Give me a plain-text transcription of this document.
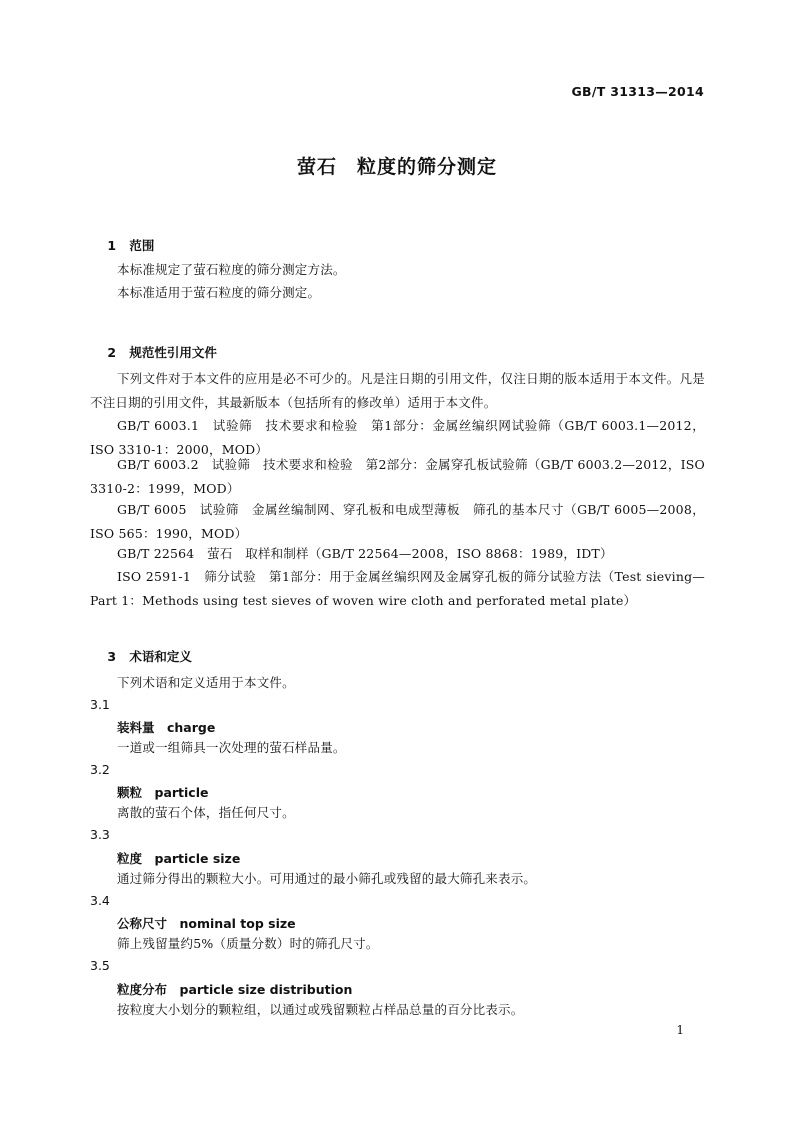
GB/T 31313—2014
萤石　粒度的筛分测定

1 范围

本标准规定了萤石粒度的筛分测定方法。
本标准适用于萤石粒度的筛分测定。

2 规范性引用文件

下列文件对于本文件的应用是必不可少的。凡是注日期的引用文件，仅注日期的版本适用于本文件。凡是不注日期的引用文件，其最新版本（包括所有的修改单）适用于本文件。
GB/T 6003.1　试验筛　技术要求和检验　第1部分：金属丝编织网试验筛（GB/T 6003.1—2012，ISO 3310-1：2000，MOD）
GB/T 6003.2　试验筛　技术要求和检验　第2部分：金属穿孔板试验筛（GB/T 6003.2—2012，ISO 3310-2：1999，MOD）
GB/T 6005　试验筛　金属丝编制网、穿孔板和电成型薄板　筛孔的基本尺寸（GB/T 6005—2008，ISO 565：1990，MOD）
GB/T 22564　萤石　取样和制样（GB/T 22564—2008，ISO 8868：1989，IDT）
ISO 2591-1　筛分试验　第1部分：用于金属丝编织网及金属穿孔板的筛分试验方法（Test sieving—Part 1：Methods using test sieves of woven wire cloth and perforated metal plate）

3 术语和定义

下列术语和定义适用于本文件。
3.1
装料量　charge
一道或一组筛具一次处理的萤石样品量。
3.2
颗粒　particle
离散的萤石个体，指任何尺寸。
3.3
粒度　particle size
通过筛分得出的颗粒大小。可用通过的最小筛孔或残留的最大筛孔来表示。
3.4
公称尺寸　nominal top size
筛上残留量约5%（质量分数）时的筛孔尺寸。
3.5
粒度分布　particle size distribution
按粒度大小划分的颗粒组，以通过或残留颗粒占样品总量的百分比表示。
1
